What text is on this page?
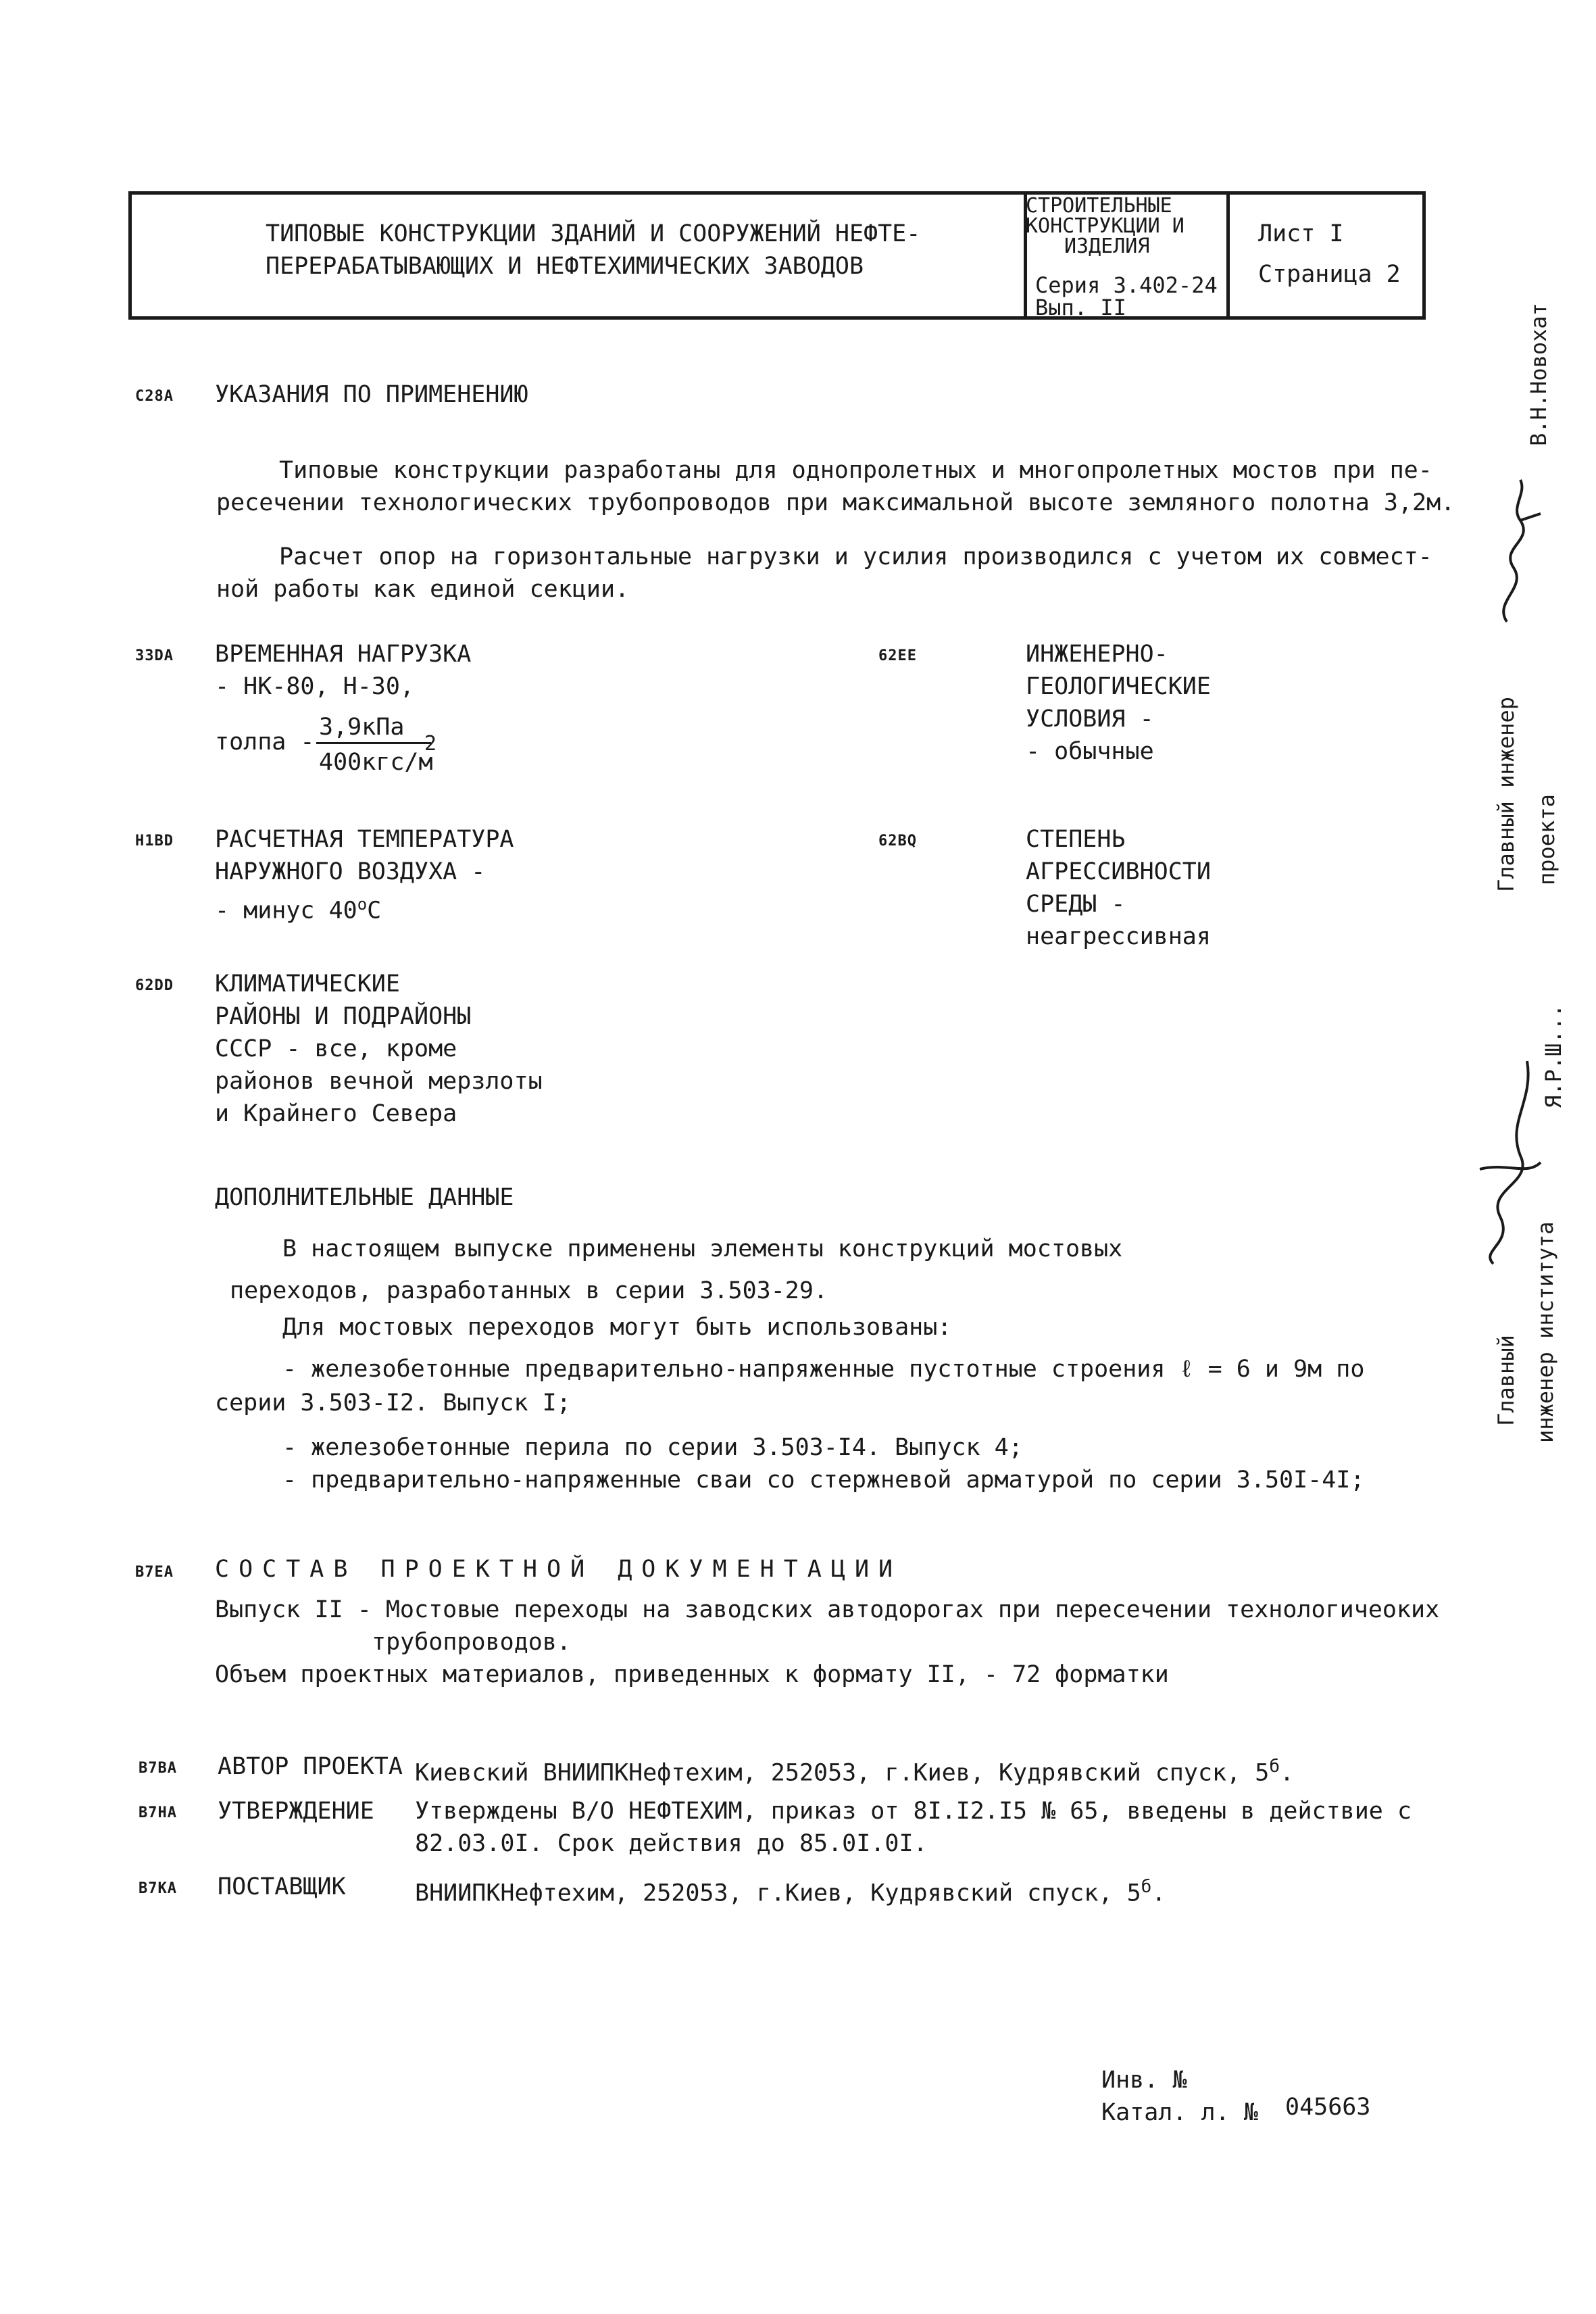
ТИПОВЫЕ КОНСТРУКЦИИ ЗДАНИЙ И СООРУЖЕНИЙ НЕФТЕ-
ПЕРЕРАБАТЫВАЮЩИХ И НЕФТЕХИМИЧЕСКИХ ЗАВОДОВ
СТРОИТЕЛЬНЫЕ
КОНСТРУКЦИИ И
ИЗДЕЛИЯ
Серия 3.402-24
Вып. II
Лист I
Страница 2
C28A УКАЗАНИЯ ПО ПРИМЕНЕНИЮ
Типовые конструкции разработаны для однопролетных и многопролетных мостов при пе-
ресечении технологических трубопроводов при максимальной высоте земляного полотна 3,2м.
Расчет опор на горизонтальные нагрузки и усилия производился с учетом их совмест-
ной работы как единой секции.
33DA ВРЕМЕННАЯ НАГРУЗКА
- НК-80, Н-30,
толпа -
3,9кПа
400кгс/м
2
62EE	ИНЖЕНЕРНО-
ГЕОЛОГИЧЕСКИЕ
УСЛОВИЯ -
- обычные
Н1ВD РАСЧЕТНАЯ ТЕМПЕРАТУРА
НАРУЖНОГО ВОЗДУХА -
- минус 40$^o$С
62BQ	СТЕПЕНЬ
АГРЕССИВНОСТИ
СРЕДЫ -
неагрессивная
62DD КЛИМАТИЧЕСКИЕ
РАЙОНЫ И ПОДРАЙОНЫ
СССР - все, кроме
районов вечной мерзлоты
и Крайнего Севера
ДОПОЛНИТЕЛЬНЫЕ ДАННЫЕ
В настоящем выпуске применены элементы конструкций мостовых
переходов, разработанных в серии 3.503-29.
Для мостовых переходов могут быть использованы:
- железобетонные предварительно-напряженные пустотные строения ℓ = 6 и 9м по
серии 3.503-I2. Выпуск I;
- железобетонные перила по серии 3.503-I4. Выпуск 4;
- предварительно-напряженные сваи со стержневой арматурой по серии 3.50I-4I;
B7EA СОСТАВ ПРОЕКТНОЙ ДОКУМЕНТАЦИИ
Выпуск II - Мостовые переходы на заводских автодорогах при пересечении технологичеоких
трубопроводов.
Объем проектных материалов, приведенных к формату II, - 72 форматки
B7BA АВТОР ПРОЕКТА Киевский ВНИИПКНефтехим, 252053, г.Киев, Кудрявский спуск, $5^б$.
B7HA УТВЕРЖДЕНИЕ Утверждены В/О НЕФТЕХИМ, приказ от 8I.I2.I5 № 65, введены в действие с
82.03.0I. Срок действия до 85.0I.0I.
B7KA ПОСТАВЩИК	ВНИИПКНефтехим, 252053, г.Киев, Кудрявский спуск, $5^б$.
Инв. №
Катал. л. № 045663
В.Н.Новохат
Главный инженер проекта
Я.Р.Ш...
Главный инженер института
